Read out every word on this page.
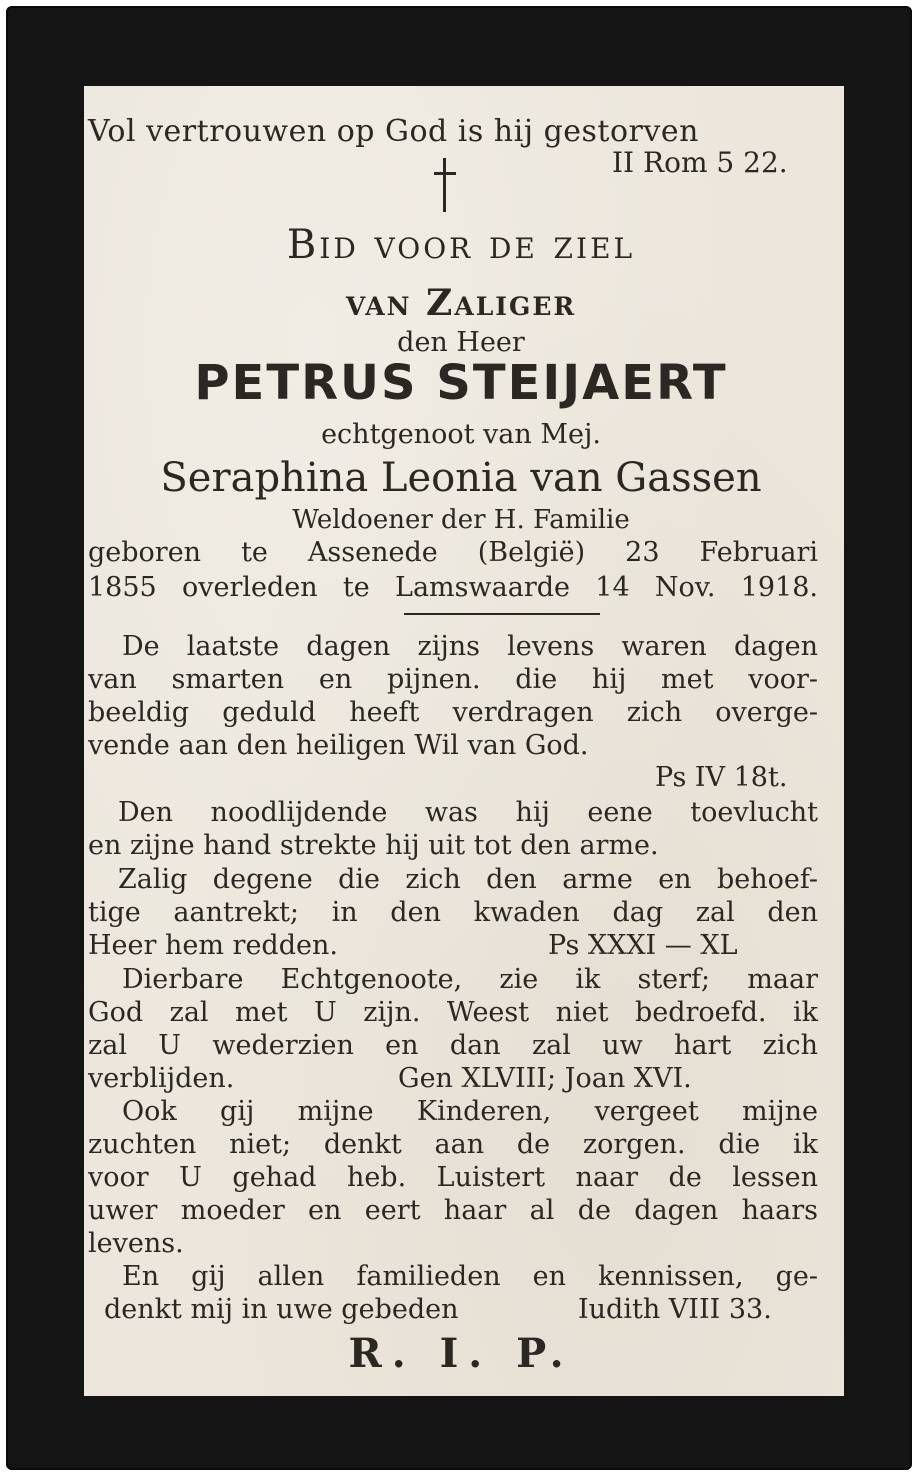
Vol vertrouwen op God is hij gestorven
II Rom 5 22.
Bid voor de ziel
van Zaliger
den Heer
PETRUS STEIJAERT
echtgenoot van Mej.
Seraphina Leonia van Gassen
Weldoener der H. Familie
geboren te Assenede (België) 23 Februari
1855 overleden te Lamswaarde 14 Nov. 1918.
De laatste dagen zijns levens waren dagen
van smarten en pijnen. die hij met voor-
beeldig geduld heeft verdragen zich overge-
vende aan den heiligen Wil van God.
Ps IV 18t.
Den noodlijdende was hij eene toevlucht
en zijne hand strekte hij uit tot den arme.
Zalig degene die zich den arme en behoef-
tige aantrekt; in den kwaden dag zal den
Heer hem redden.	Ps XXXI — XL
Dierbare Echtgenoote, zie ik sterf; maar
God zal met U zijn. Weest niet bedroefd. ik
zal U wederzien en dan zal uw hart zich
verblijden.	Gen XLVIII; Joan XVI.
Ook gij mijne Kinderen, vergeet mijne
zuchten niet; denkt aan de zorgen. die ik
voor U gehad heb. Luistert naar de lessen
uwer moeder en eert haar al de dagen haars
levens.
En gij allen familieden en kennissen, ge-
denkt mij in uwe gebeden	Iudith VIII 33.
R. I. P.
